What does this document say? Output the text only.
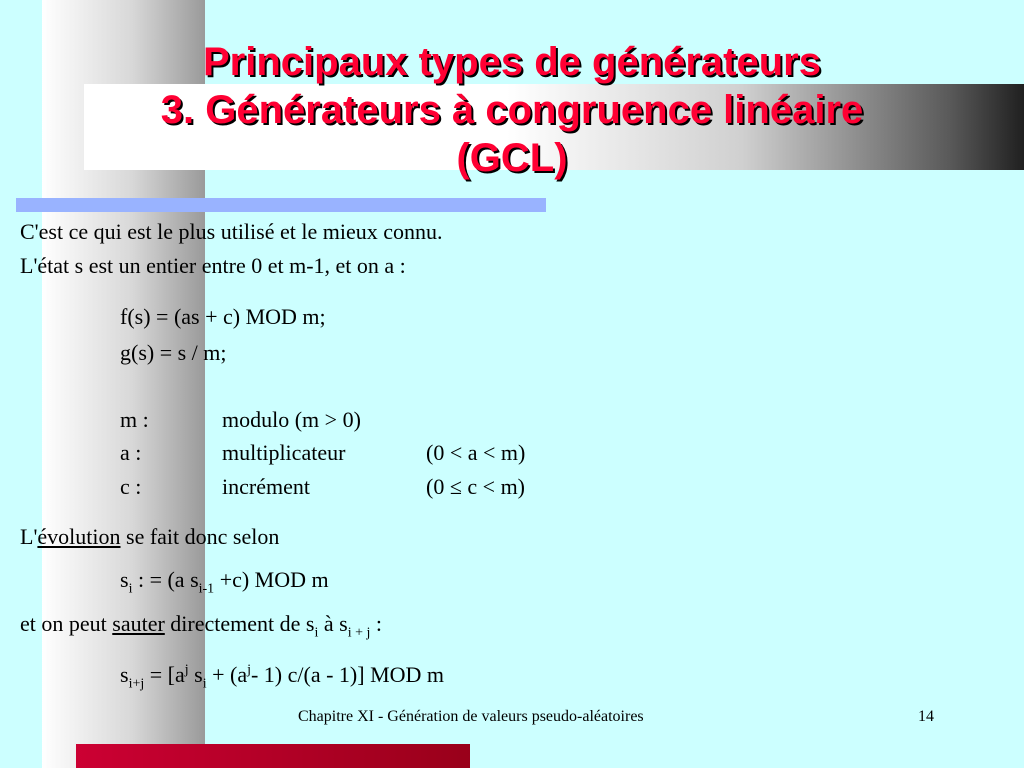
Principaux types de générateurs
3. Générateurs à congruence linéaire
(GCL)
C'est ce qui est le plus utilisé et le mieux connu.
L'état s est un entier entre 0 et m-1, et on a :
f(s) = (as + c) MOD m;
g(s) = s / m;
m :	modulo (m > 0)
a :	multiplicateur	(0 < a < m)
c :	incrément	(0 ≤ c < m)
L'évolution se fait donc selon
$s_i$ : = (a $s_{i-1} +c$) MOD m
et on peut sauter directement de $s_i$ à $s_{i + j}$ :
$s_{i+j} = [a^j$ $s_i + (a^j-$ 1) c/(a - 1)] MOD m
Chapitre XI - Génération de valeurs pseudo-aléatoires	14
